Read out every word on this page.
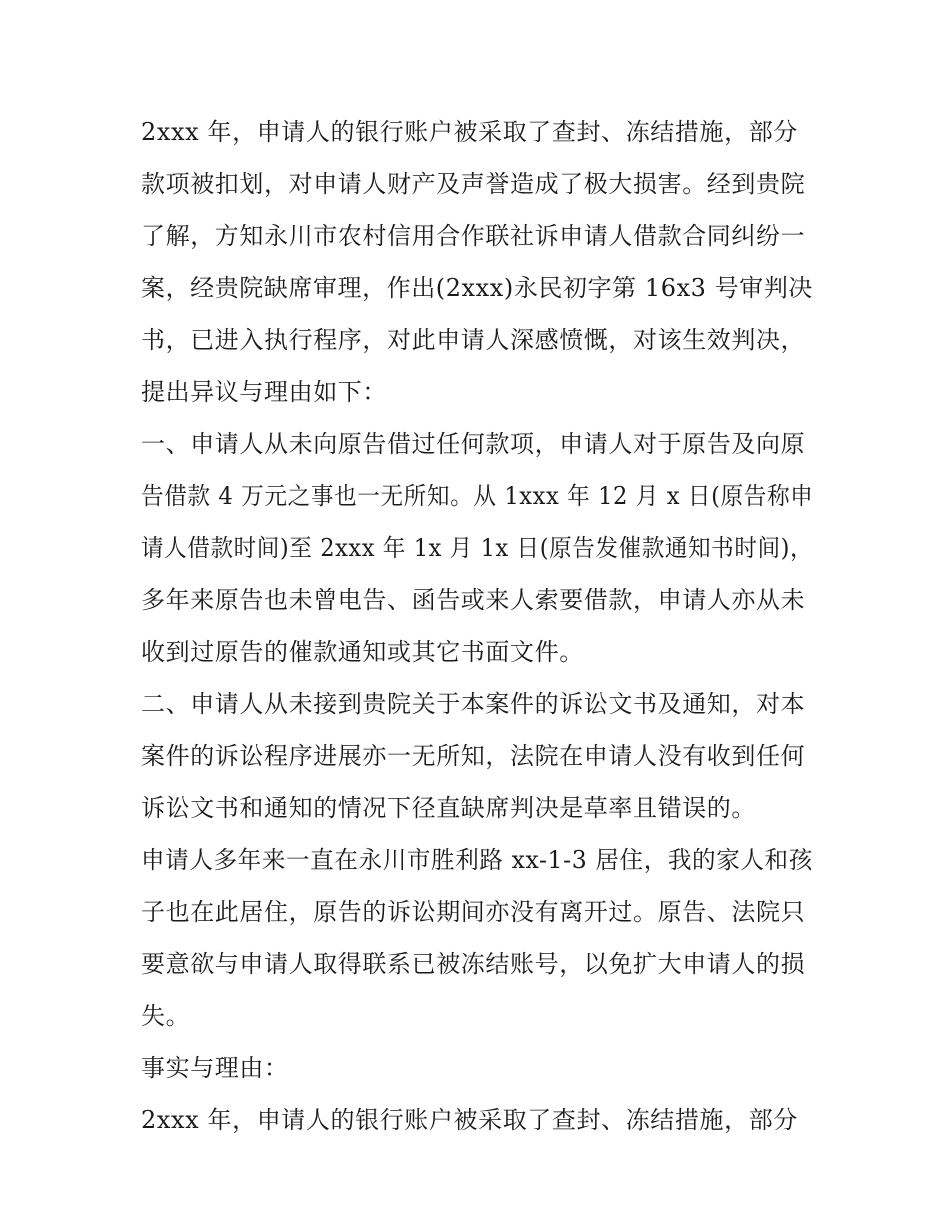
2xxx 年，申请人的银行账户被采取了查封、冻结措施，部分
款项被扣划，对申请人财产及声誉造成了极大损害。经到贵院
了解，方知永川市农村信用合作联社诉申请人借款合同纠纷一
案，经贵院缺席审理，作出(2xxx)永民初字第 16x3 号审判决
书，已进入执行程序，对此申请人深感愤慨，对该生效判决，
提出异议与理由如下：
一、申请人从未向原告借过任何款项，申请人对于原告及向原
告借款 4 万元之事也一无所知。从 1xxx 年 12 月 x 日(原告称申
请人借款时间)至 2xxx 年 1x 月 1x 日(原告发催款通知书时间)，
多年来原告也未曾电告、函告或来人索要借款，申请人亦从未
收到过原告的催款通知或其它书面文件。
二、申请人从未接到贵院关于本案件的诉讼文书及通知，对本
案件的诉讼程序进展亦一无所知，法院在申请人没有收到任何
诉讼文书和通知的情况下径直缺席判决是草率且错误的。
申请人多年来一直在永川市胜利路 xx-1-3 居住，我的家人和孩
子也在此居住，原告的诉讼期间亦没有离开过。原告、法院只
要意欲与申请人取得联系已被冻结账号，以免扩大申请人的损
失。
事实与理由：
2xxx 年，申请人的银行账户被采取了查封、冻结措施，部分
